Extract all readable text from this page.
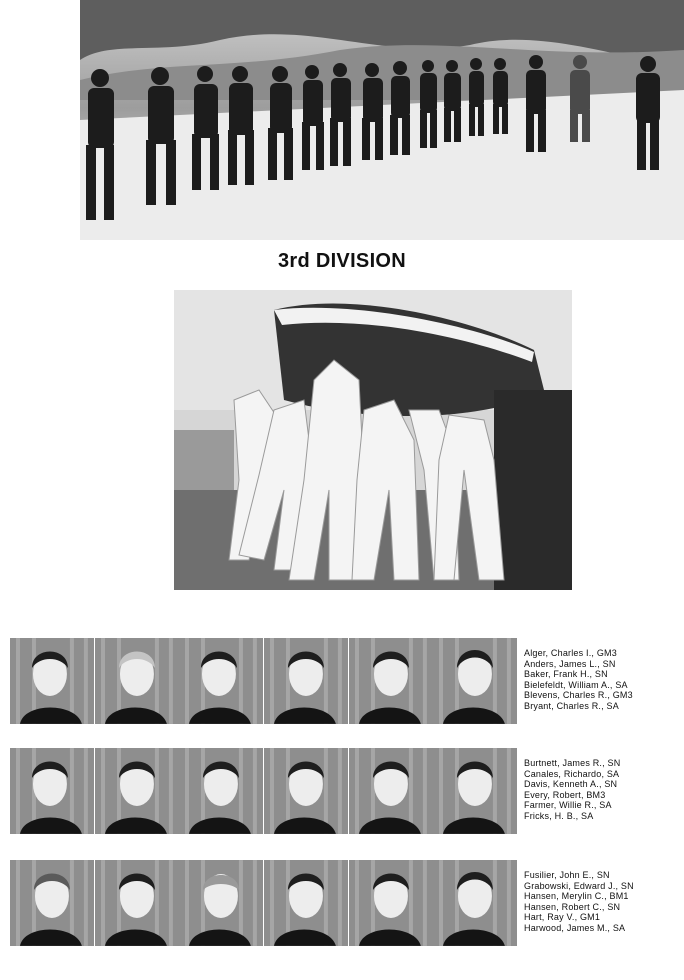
3rd DIVISION
Alger, Charles I., GM3
Anders, James L., SN
Baker, Frank H., SN
Bielefeldt, William A., SA
Blevens, Charles R., GM3
Bryant, Charles R., SA
Burtnett, James R., SN
Canales, Richardo, SA
Davis, Kenneth A., SN
Every, Robert, BM3
Farmer, Willie R., SA
Fricks, H. B., SA
Fusilier, John E., SN
Grabowski, Edward J., SN
Hansen, Merylin C., BM1
Hansen, Robert C., SN
Hart, Ray V., GM1
Harwood, James M., SA
